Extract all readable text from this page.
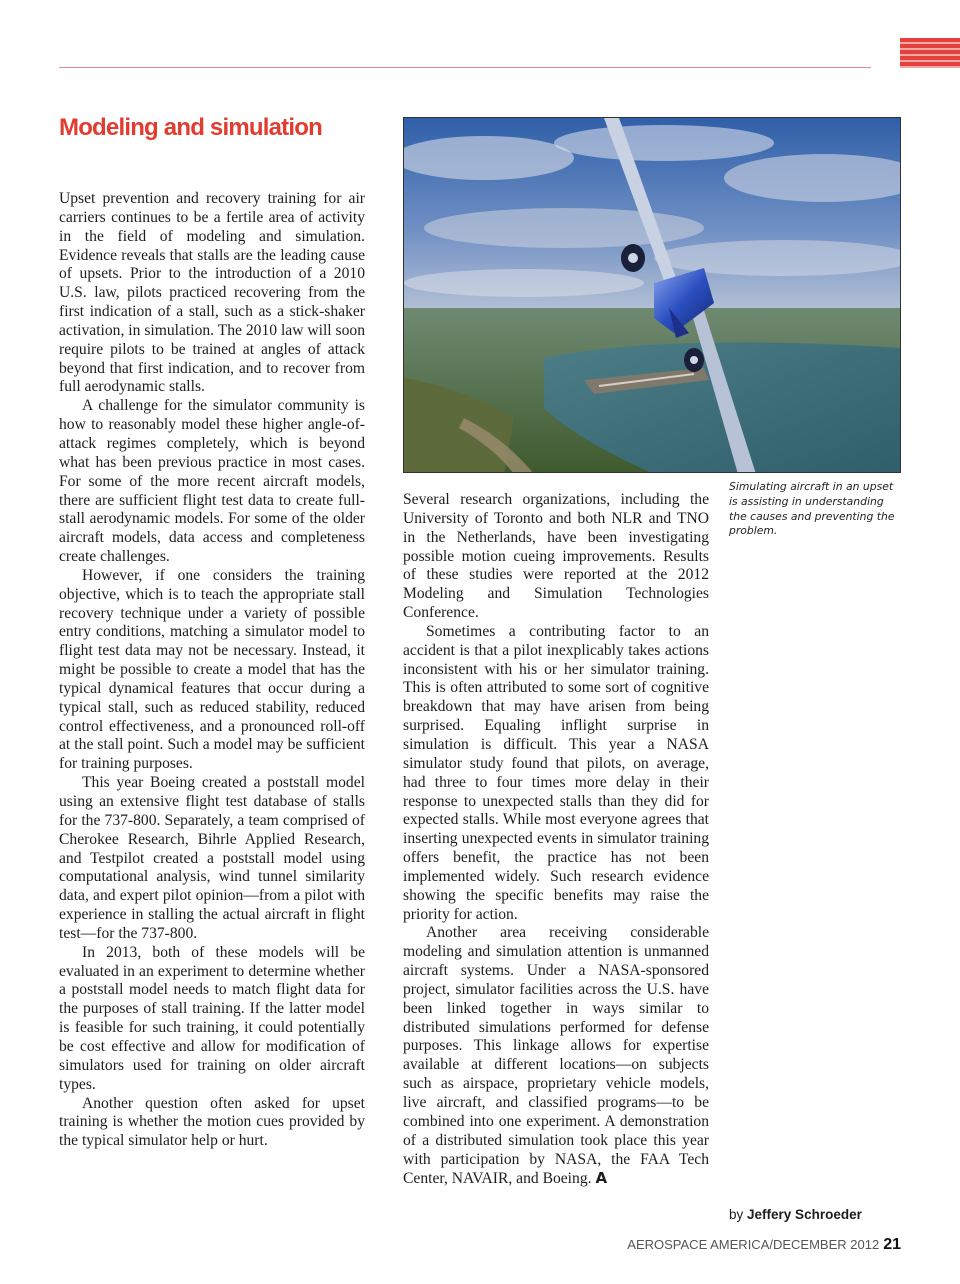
Modeling and simulation

Upset prevention and recovery training for air carriers continues to be a fertile area of activity in the field of modeling and simulation. Evidence reveals that stalls are the leading cause of upsets. Prior to the introduction of a 2010 U.S. law, pilots practiced recovering from the first indication of a stall, such as a stick-shaker activation, in simulation. The 2010 law will soon require pilots to be trained at angles of attack beyond that first indication, and to recover from full aerodynamic stalls.

A challenge for the simulator community is how to reasonably model these higher angle-of-attack regimes completely, which is beyond what has been previous practice in most cases. For some of the more recent aircraft models, there are sufficient flight test data to create full-stall aerodynamic models. For some of the older aircraft models, data access and completeness create challenges.

However, if one considers the training objective, which is to teach the appropriate stall recovery technique under a variety of possible entry conditions, matching a simulator model to flight test data may not be necessary. Instead, it might be possible to create a model that has the typical dynamical features that occur during a typical stall, such as reduced stability, reduced control effectiveness, and a pronounced roll-off at the stall point. Such a model may be sufficient for training purposes.

This year Boeing created a poststall model using an extensive flight test database of stalls for the 737-800. Separately, a team comprised of Cherokee Research, Bihrle Applied Research, and Testpilot created a poststall model using computational analysis, wind tunnel similarity data, and expert pilot opinion—from a pilot with experience in stalling the actual aircraft in flight test—for the 737-800.

In 2013, both of these models will be evaluated in an experiment to determine whether a poststall model needs to match flight data for the purposes of stall training. If the latter model is feasible for such training, it could potentially be cost effective and allow for modification of simulators used for training on older aircraft types.

Another question often asked for upset training is whether the motion cues provided by the typical simulator help or hurt.

Simulating aircraft in an upset is assisting in understanding the causes and preventing the problem.

Several research organizations, including the University of Toronto and both NLR and TNO in the Netherlands, have been investigating possible motion cueing improvements. Results of these studies were reported at the 2012 Modeling and Simulation Technologies Conference.

Sometimes a contributing factor to an accident is that a pilot inexplicably takes actions inconsistent with his or her simulator training. This is often attributed to some sort of cognitive breakdown that may have arisen from being surprised. Equaling inflight surprise in simulation is difficult. This year a NASA simulator study found that pilots, on average, had three to four times more delay in their response to unexpected stalls than they did for expected stalls. While most everyone agrees that inserting unexpected events in simulator training offers benefit, the practice has not been implemented widely. Such research evidence showing the specific benefits may raise the priority for action.

Another area receiving considerable modeling and simulation attention is unmanned aircraft systems. Under a NASA-sponsored project, simulator facilities across the U.S. have been linked together in ways similar to distributed simulations performed for defense purposes. This linkage allows for expertise available at different locations—on subjects such as airspace, proprietary vehicle models, live aircraft, and classified programs—to be combined into one experiment. A demonstration of a distributed simulation took place this year with participation by NASA, the FAA Tech Center, NAVAIR, and Boeing. A

by Jeffery Schroeder

AEROSPACE AMERICA/DECEMBER 2012 21
